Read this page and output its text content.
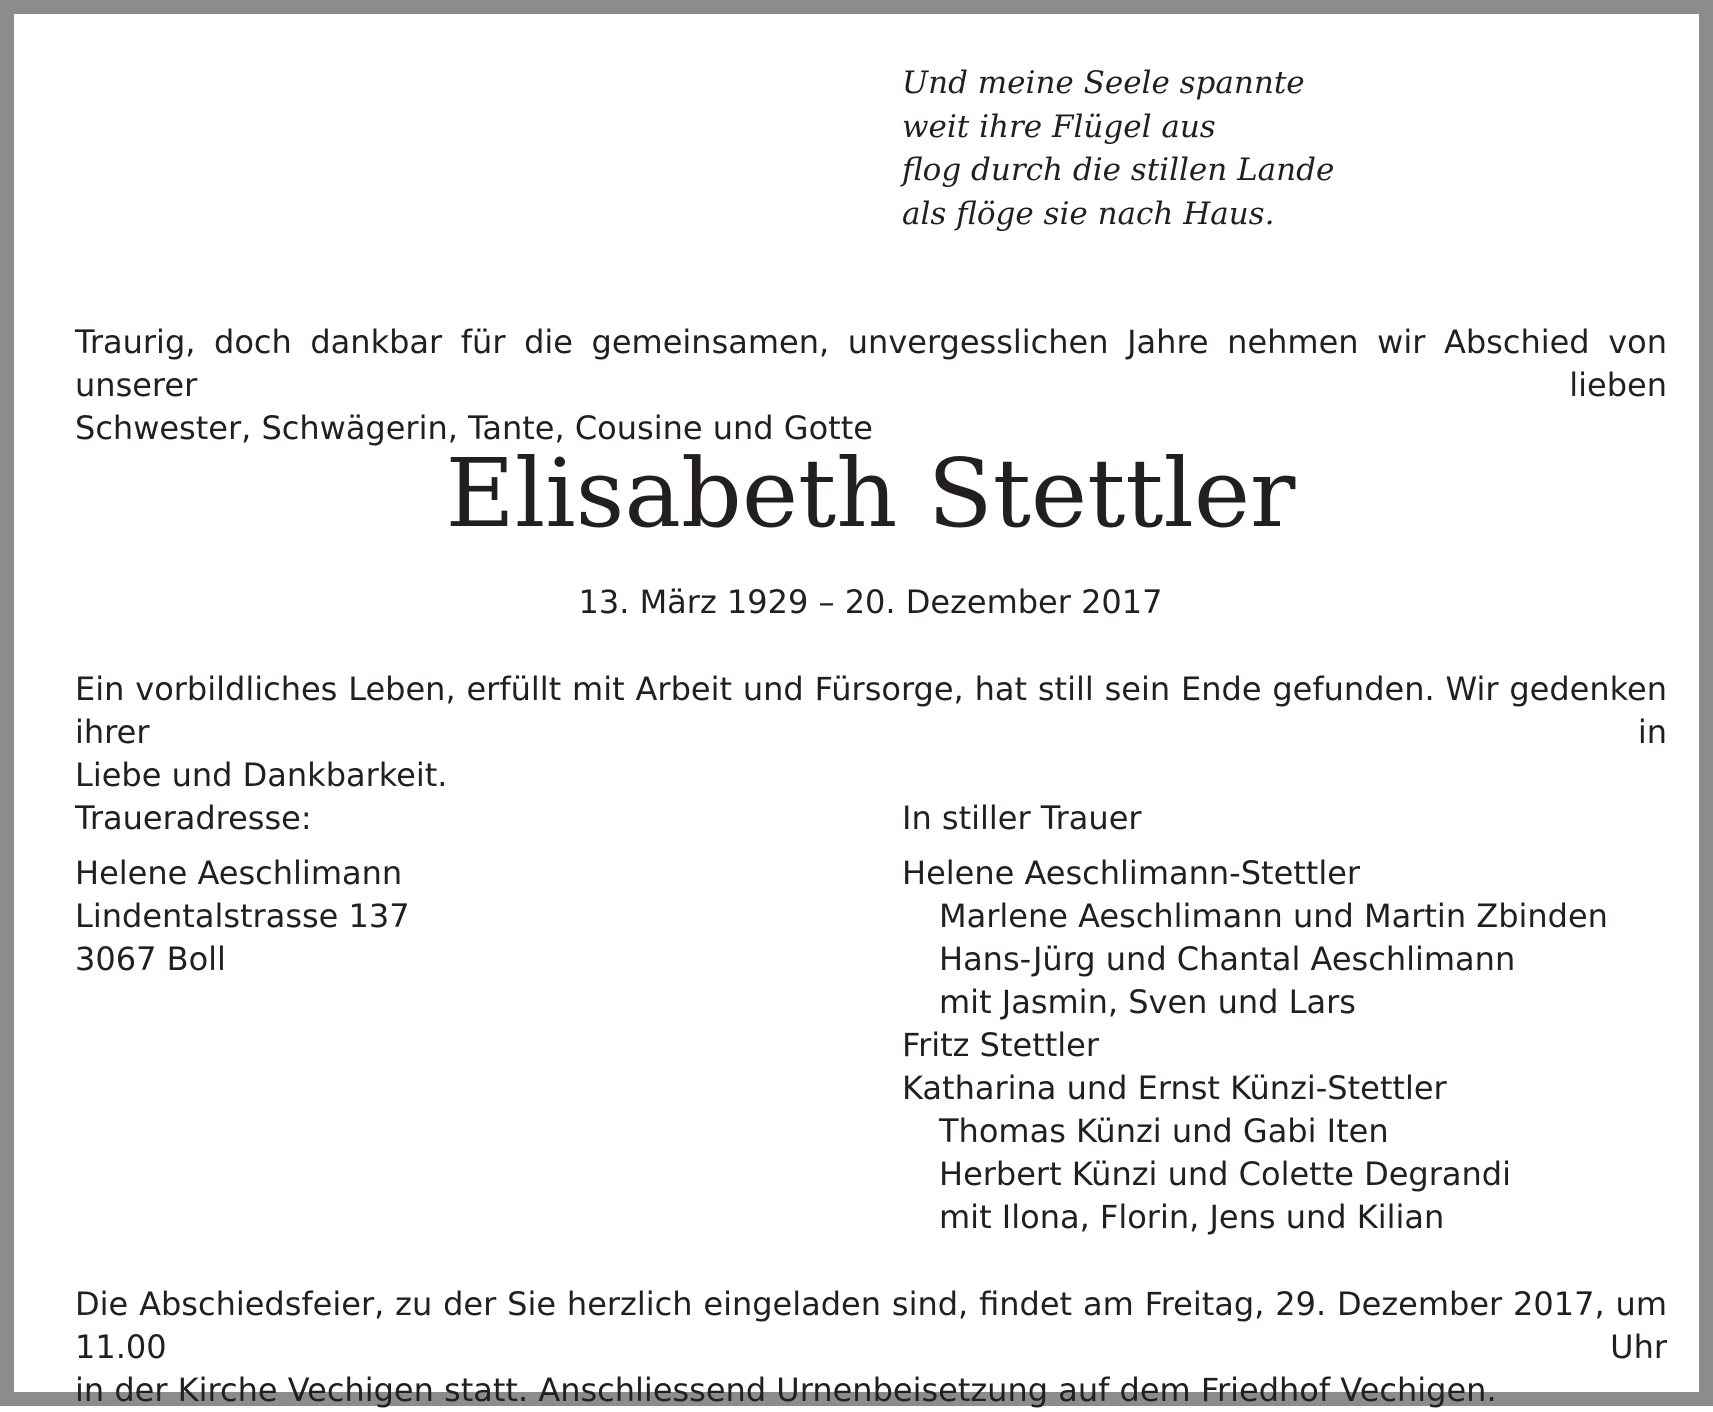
Und meine Seele spannte
weit ihre Flügel aus
flog durch die stillen Lande
als flöge sie nach Haus.
Traurig, doch dankbar für die gemeinsamen, unvergesslichen Jahre nehmen wir Abschied von unserer lieben
Schwester, Schwägerin, Tante, Cousine und Gotte
Elisabeth Stettler
13. März 1929 – 20. Dezember 2017
Ein vorbildliches Leben, erfüllt mit Arbeit und Fürsorge, hat still sein Ende gefunden. Wir gedenken ihrer in
Liebe und Dankbarkeit.
Traueradresse:
Helene Aeschlimann
Lindentalstrasse 137
3067 Boll
In stiller Trauer
Helene Aeschlimann-Stettler
Marlene Aeschlimann und Martin Zbinden
Hans-Jürg und Chantal Aeschlimann
mit Jasmin, Sven und Lars
Fritz Stettler
Katharina und Ernst Künzi-Stettler
Thomas Künzi und Gabi Iten
Herbert Künzi und Colette Degrandi
mit Ilona, Florin, Jens und Kilian
Die Abschiedsfeier, zu der Sie herzlich eingeladen sind, findet am Freitag, 29. Dezember 2017, um 11.00 Uhr
in der Kirche Vechigen statt. Anschliessend Urnenbeisetzung auf dem Friedhof Vechigen.
